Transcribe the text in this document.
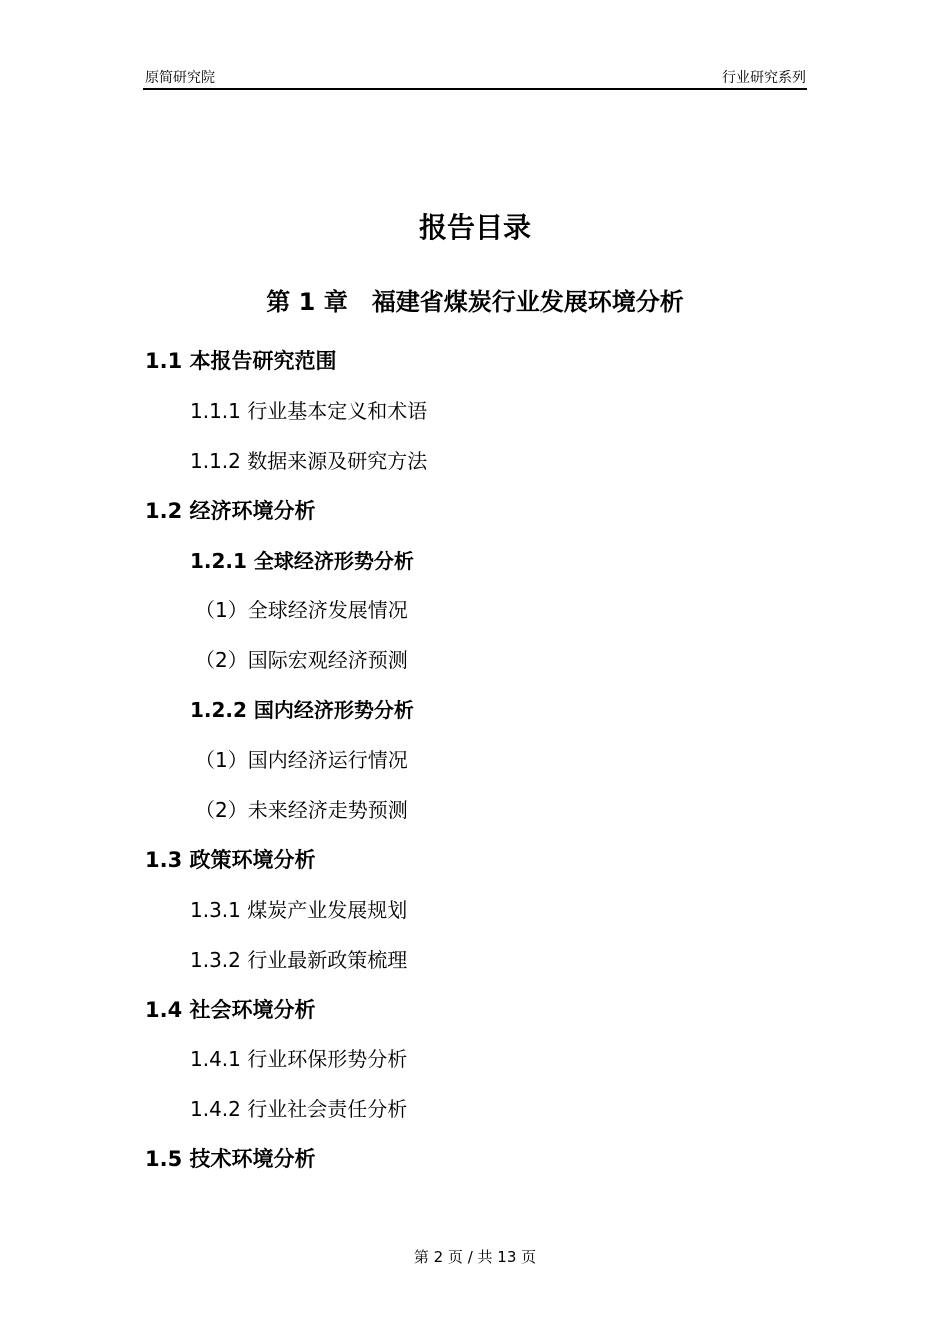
原简研究院	行业研究系列
报告目录
第 1 章　福建省煤炭行业发展环境分析
1.1 本报告研究范围
1.1.1 行业基本定义和术语
1.1.2 数据来源及研究方法
1.2 经济环境分析
1.2.1 全球经济形势分析
（1）全球经济发展情况
（2）国际宏观经济预测
1.2.2 国内经济形势分析
（1）国内经济运行情况
（2）未来经济走势预测
1.3 政策环境分析
1.3.1 煤炭产业发展规划
1.3.2 行业最新政策梳理
1.4 社会环境分析
1.4.1 行业环保形势分析
1.4.2 行业社会责任分析
1.5 技术环境分析
第 2 页 / 共 13 页
